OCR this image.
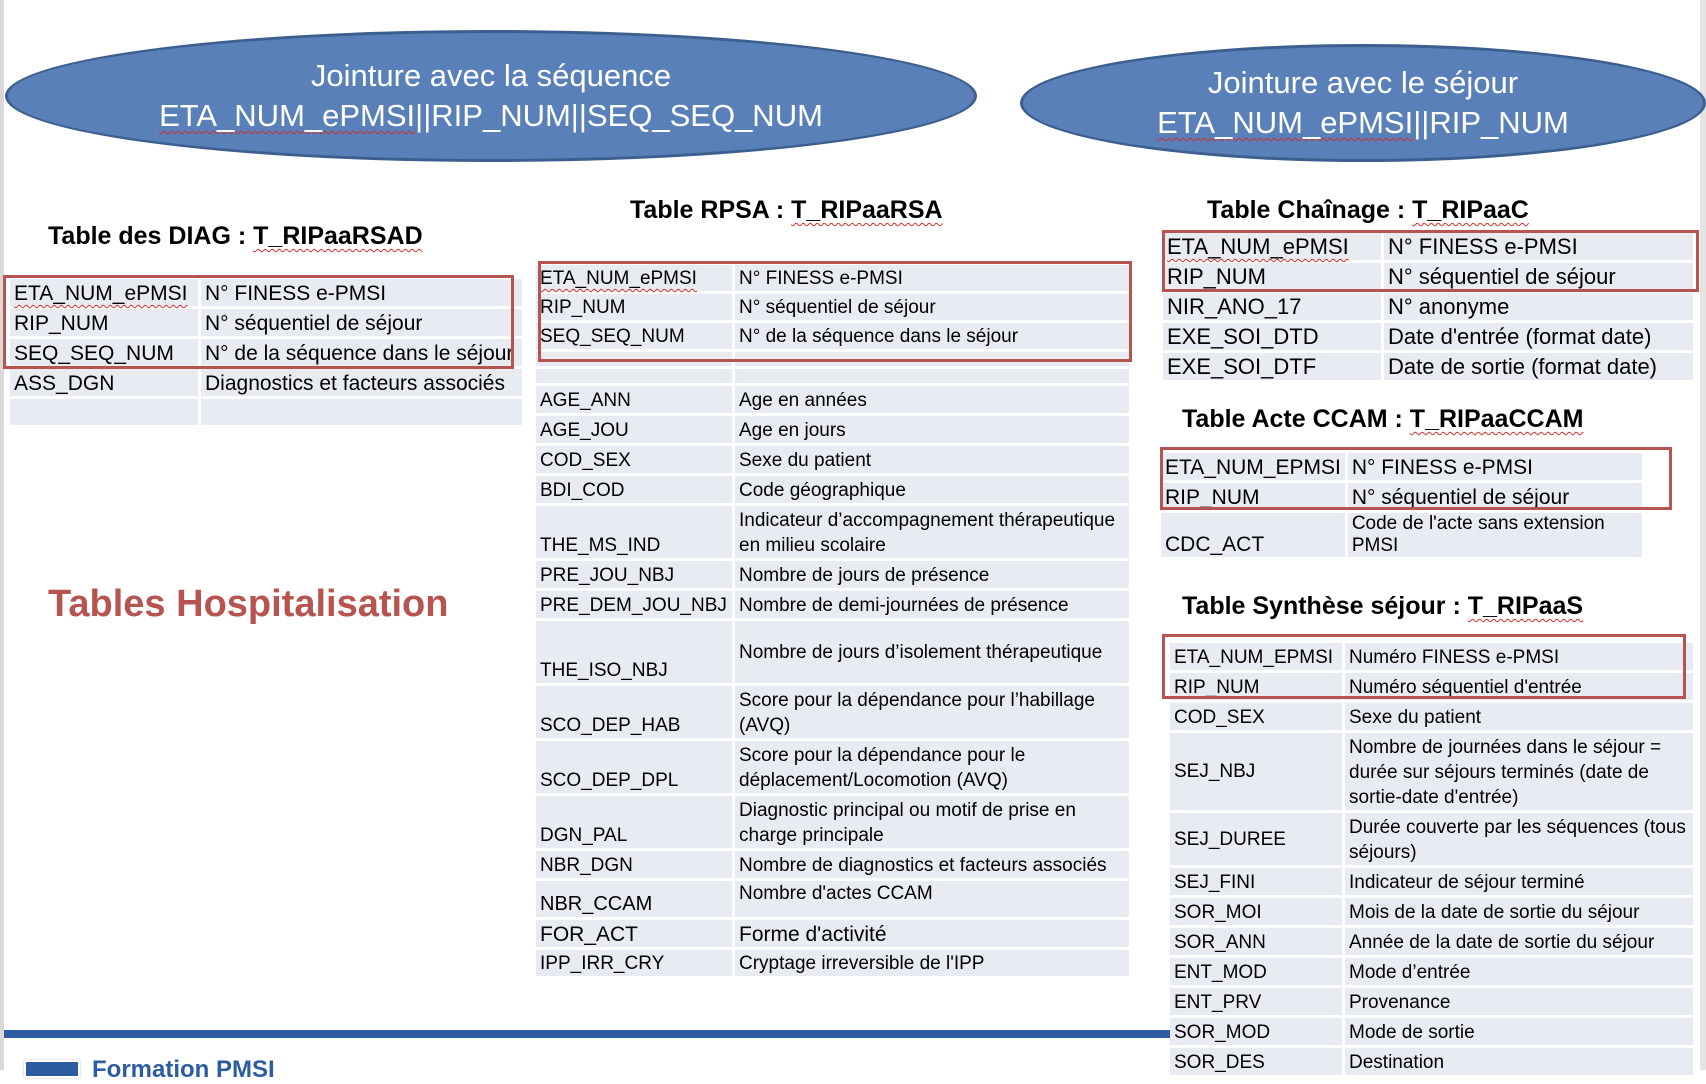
Jointure avec la séquence
ETA_NUM_ePMSI||RIP_NUM||SEQ_SEQ_NUM
Jointure avec le séjour
ETA_NUM_ePMSI||RIP_NUM
Tables Hospitalisation
Table des DIAG : T_RIPaaRSAD
ETA_NUM_ePMSI	N° FINESS e-PMSI
RIP_NUM	N° séquentiel de séjour
SEQ_SEQ_NUM	N° de la séquence dans le séjour
ASS_DGN	Diagnostics et facteurs associés

Table RPSA : T_RIPaaRSA
ETA_NUM_ePMSI	N° FINESS e-PMSI
RIP_NUM	N° séquentiel de séjour
SEQ_SEQ_NUM	N° de la séquence dans le séjour

AGE_ANN	Age en années
AGE_JOU	Age en jours
COD_SEX	Sexe du patient
BDI_COD	Code géographique
THE_MS_IND	Indicateur d’accompagnement thérapeutique en milieu scolaire
PRE_JOU_NBJ	Nombre de jours de présence
PRE_DEM_JOU_NBJ	Nombre de demi-journées de présence
THE_ISO_NBJ	Nombre de jours d’isolement thérapeutique
SCO_DEP_HAB	Score pour la dépendance pour l’habillage (AVQ)
SCO_DEP_DPL	Score pour la dépendance pour le déplacement/Locomotion (AVQ)
DGN_PAL	Diagnostic principal ou motif de prise en charge principale
NBR_DGN	Nombre de diagnostics et facteurs associés
NBR_CCAM	Nombre d'actes CCAM
FOR_ACT	Forme d'activité
IPP_IRR_CRY	Cryptage irreversible de l'IPP
Table Chaînage : T_RIPaaC
ETA_NUM_ePMSI	N° FINESS e-PMSI
RIP_NUM	N° séquentiel de séjour
NIR_ANO_17	N° anonyme
EXE_SOI_DTD	Date d'entrée (format date)
EXE_SOI_DTF	Date de sortie (format date)
Table Acte CCAM : T_RIPaaCCAM
ETA_NUM_EPMSI	N° FINESS e-PMSI
RIP_NUM	N° séquentiel de séjour
CDC_ACT	Code de l'acte sans extension PMSI
Table Synthèse séjour : T_RIPaaS
ETA_NUM_EPMSI	Numéro FINESS e-PMSI
RIP_NUM	Numéro séquentiel d'entrée
COD_SEX	Sexe du patient
SEJ_NBJ	Nombre de journées dans le séjour = durée sur séjours terminés (date de sortie-date d'entrée)
SEJ_DUREE	Durée couverte par les séquences (tous séjours)
SEJ_FINI	Indicateur de séjour terminé
SOR_MOI	Mois de la date de sortie du séjour
SOR_ANN	Année de la date de sortie du séjour
ENT_MOD	Mode d’entrée
ENT_PRV	Provenance
SOR_MOD	Mode de sortie
SOR_DES	Destination
Formation PMSI
